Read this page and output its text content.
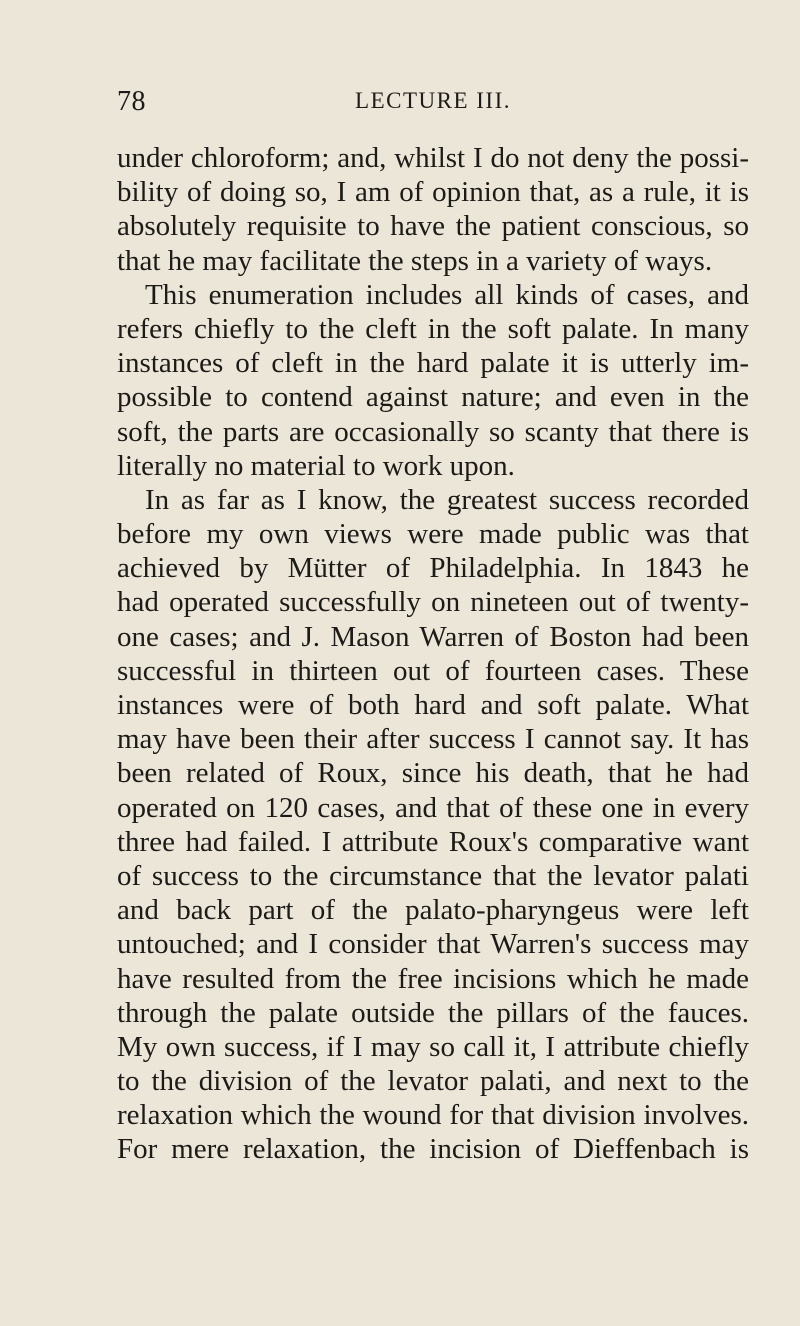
78	LECTURE III.
under chloroform; and, whilst I do not deny the possi-
bility of doing so, I am of opinion that, as a rule, it is
absolutely requisite to have the patient conscious, so
that he may facilitate the steps in a variety of ways.
This enumeration includes all kinds of cases, and
refers chiefly to the cleft in the soft palate. In many
instances of cleft in the hard palate it is utterly im-
possible to contend against nature; and even in the
soft, the parts are occasionally so scanty that there is
literally no material to work upon.
In as far as I know, the greatest success recorded
before my own views were made public was that
achieved by Mütter of Philadelphia. In 1843 he
had operated successfully on nineteen out of twenty-
one cases; and J. Mason Warren of Boston had been
successful in thirteen out of fourteen cases. These
instances were of both hard and soft palate. What
may have been their after success I cannot say. It has
been related of Roux, since his death, that he had
operated on 120 cases, and that of these one in every
three had failed. I attribute Roux's comparative want
of success to the circumstance that the levator palati
and back part of the palato-pharyngeus were left
untouched; and I consider that Warren's success may
have resulted from the free incisions which he made
through the palate outside the pillars of the fauces.
My own success, if I may so call it, I attribute chiefly
to the division of the levator palati, and next to the
relaxation which the wound for that division involves.
For mere relaxation, the incision of Dieffenbach is
